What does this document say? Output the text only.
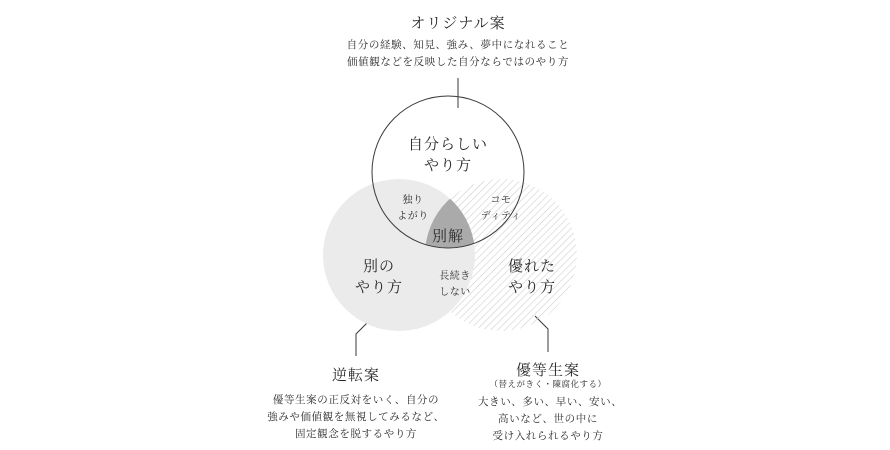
オリジナル案
自分の経験、知見、強み、夢中になれること
価値観などを反映した自分ならではのやり方
自分らしい
やり方
別の
やり方
優れた
やり方
独り
よがり
コモ
ディティ
別解
長続き
しない
逆転案
優等生案の正反対をいく、自分の
強みや価値観を無視してみるなど、
固定観念を脱するやり方
優等生案
（替えがきく・陳腐化する）
大きい、多い、早い、安い、
高いなど、世の中に
受け入れられるやり方
